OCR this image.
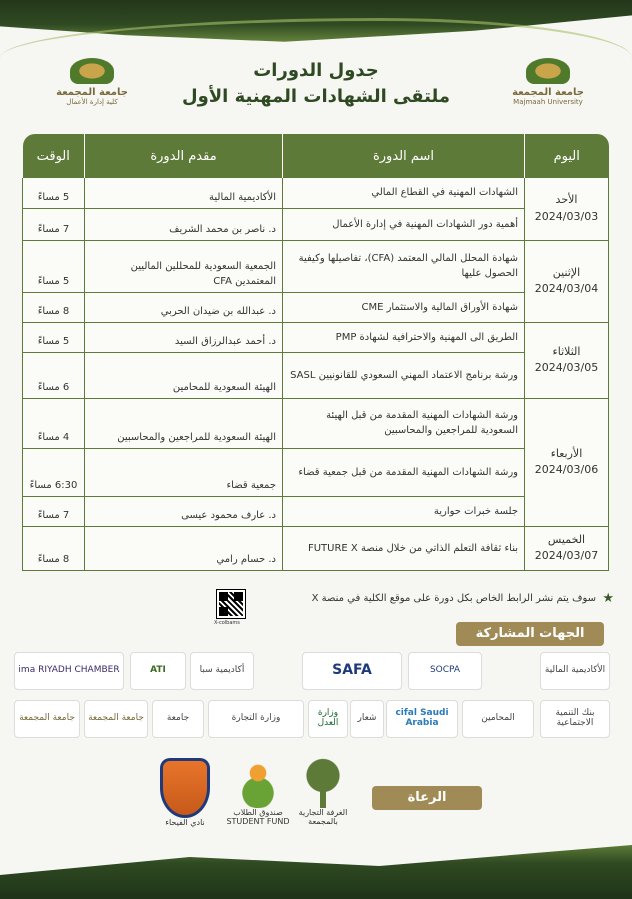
جامعة المجمعة
كلية إدارة الأعمال
جامعة المجمعة
Majmaah University
جدول الدورات
ملتقى الشهادات المهنية الأول
اليوم	اسم الدورة	مقدم الدورة	الوقت

الأحد
2024/03/03	الشهادات المهنية في القطاع المالي	الأكاديمية المالية	5 مساءً
	أهمية دور الشهادات المهنية في إدارة الأعمال	د. ناصر بن محمد الشريف	7 مساءً

الإثنين
2024/03/04	شهادة المحلل المالي المعتمد (CFA)، تفاصيلها وكيفية الحصول عليها	الجمعية السعودية للمحللين الماليين المعتمدين CFA	5 مساءً
	شهادة الأوراق المالية والاستثمار CME	د. عبدالله بن ضيدان الحربي	8 مساءً

الثلاثاء
2024/03/05	الطريق الى المهنية والاحترافية لشهادة PMP	د. أحمد عبدالرزاق السيد	5 مساءً
	ورشة برنامج الاعتماد المهني السعودي للقانونيين SASL	الهيئة السعودية للمحامين	6 مساءً

الأربعاء
2024/03/06	ورشة الشهادات المهنية المقدمة من قبل الهيئة السعودية للمراجعين والمحاسبين	الهيئة السعودية للمراجعين والمحاسبين	4 مساءً
	ورشة الشهادات المهنية المقدمة من قبل جمعية قضاء	جمعية قضاء	6:30 مساءً
	جلسة خبرات حوارية	د. عارف محمود عيسى	7 مساءً

الخميس
2024/03/07	بناء ثقافة التعلم الذاتي من خلال منصة FUTURE X	د. حسام رامي	8 مساءً
★
سوف يتم نشر الرابط الخاص بكل دورة على موقع الكلية في منصة X
X-colbams
الجهات المشاركة
الأكاديمية المالية
SOCPA
SAFA
أكاديمية سبا
ATI
ima RIYADH CHAMBER
بنك التنمية الاجتماعية
المحامين
cifal Saudi Arabia
شعار
وزارة العدل
وزارة التجارة
جامعة
جامعة المجمعة
جامعة المجمعة
الرعاة
الغرفة التجارية بالمجمعة
صندوق الطلاب STUDENT FUND
نادي الفيحاء
